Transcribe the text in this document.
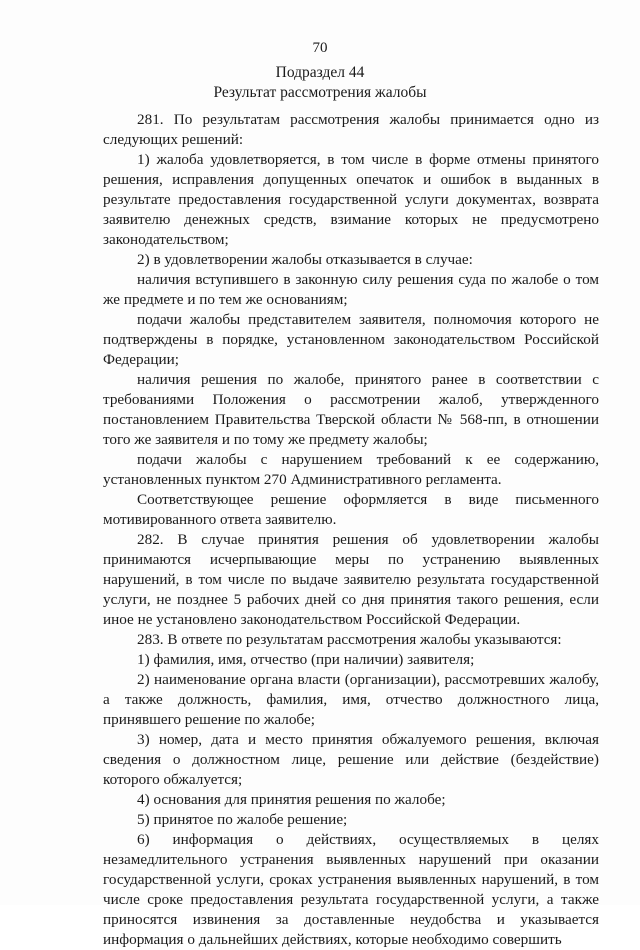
70
Подраздел 44
Результат рассмотрения жалобы

281. По результатам рассмотрения жалобы принимается одно из следующих решений:

1) жалоба удовлетворяется, в том числе в форме отмены принятого решения, исправления допущенных опечаток и ошибок в выданных в результате предоставления государственной услуги документах, возврата заявителю денежных средств, взимание которых не предусмотрено законодательством;

2) в удовлетворении жалобы отказывается в случае:

наличия вступившего в законную силу решения суда по жалобе о том же предмете и по тем же основаниям;

подачи жалобы представителем заявителя, полномочия которого не подтверждены в порядке, установленном законодательством Российской Федерации;

наличия решения по жалобе, принятого ранее в соответствии с требованиями Положения о рассмотрении жалоб, утвержденного постановлением Правительства Тверской области № 568-пп, в отношении того же заявителя и по тому же предмету жалобы;

подачи жалобы с нарушением требований к ее содержанию, установленных пунктом 270 Административного регламента.

Соответствующее решение оформляется в виде письменного мотивированного ответа заявителю.

282. В случае принятия решения об удовлетворении жалобы принимаются исчерпывающие меры по устранению выявленных нарушений, в том числе по выдаче заявителю результата государственной услуги, не позднее 5 рабочих дней со дня принятия такого решения, если иное не установлено законодательством Российской Федерации.

283. В ответе по результатам рассмотрения жалобы указываются:

1) фамилия, имя, отчество (при наличии) заявителя;

2) наименование органа власти (организации), рассмотревших жалобу, а также должность, фамилия, имя, отчество должностного лица, принявшего решение по жалобе;

3) номер, дата и место принятия обжалуемого решения, включая сведения о должностном лице, решение или действие (бездействие) которого обжалуется;

4) основания для принятия решения по жалобе;

5) принятое по жалобе решение;

6) информация о действиях, осуществляемых в целях незамедлительного устранения выявленных нарушений при оказании государственной услуги, сроках устранения выявленных нарушений, в том числе сроке предоставления результата государственной услуги, а также приносятся извинения за доставленные неудобства и указывается информация о дальнейших действиях, которые необходимо совершить
